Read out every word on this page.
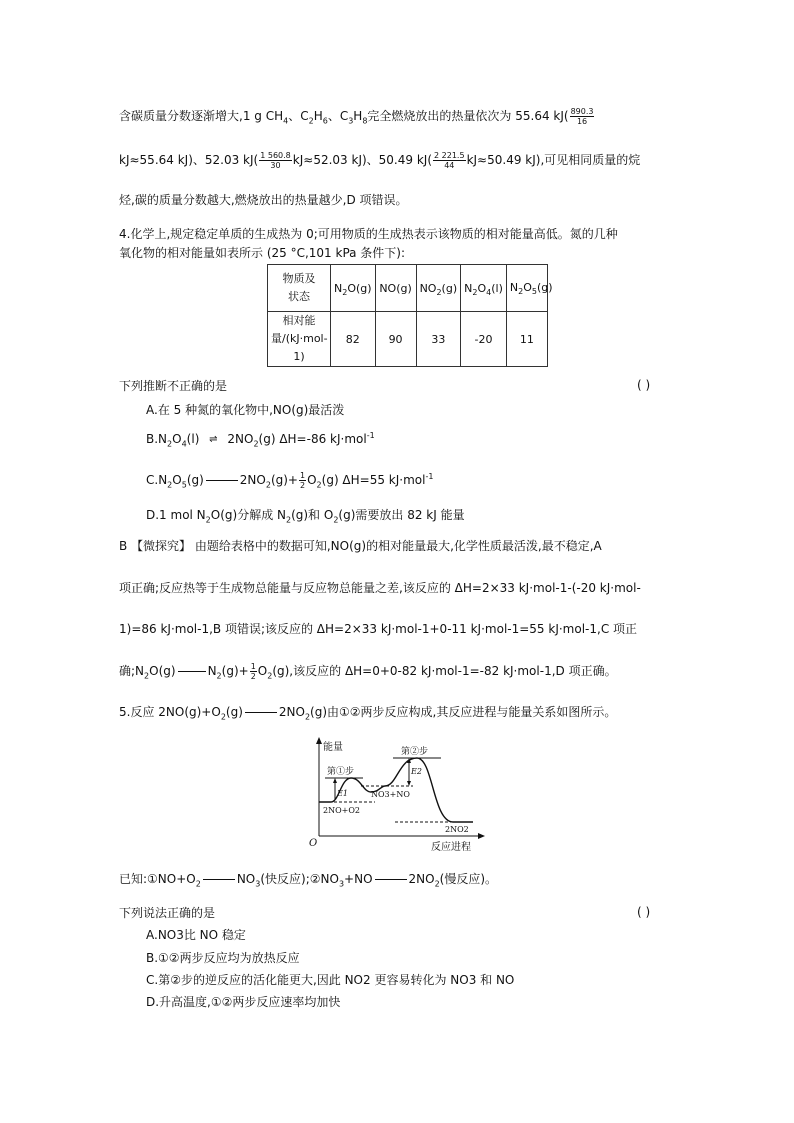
含碳质量分数逐渐增大,1 g $CH_4$、$C_2H_6$、$C_3H_8$完全燃烧放出的热量依次为 55.64 $kJ( \frac{890.3}{16}$
kJ≈55.64 kJ)、52.03 $kJ( \frac{1 560.8}{30} kJ\approx 52.03$ kJ)、50.49 $kJ( \frac{2 221.5}{44} kJ\approx 50.49$ kJ),可见相同质量的烷
烃,碳的质量分数越大,燃烧放出的热量越少,D 项错误。
4.化学上,规定稳定单质的生成热为 0;可用物质的生成热表示该物质的相对能量高低。氮的几种
氧化物的相对能量如表所示 (25 °C,101 kPa 条件下):
物质及状态	$N_2O(g)$	NO(g)	$NO_2(g)$	$N_2O_4(l)$	$N_2O_5(g)$
相对能量/(kJ·mol-1)	82	90	33	-20	11
下列推断不正确的是	( )
A.在 5 种氮的氧化物中,NO(g)最活泼
$B.N_2O_4(l)$ ⇌ $2NO_2(g)$ ΔH=-86 kJ·mol$^{-1}$
$C.N_2O_5(g)$	$2NO_2(g)+ \frac{1}{2} O_2(g)$ ΔH=55 kJ·mol$^{-1}$
D.1 mol $N_2O(g)$分解成 $N_2(g)$和 $O_2(g)$需要放出 82 kJ 能量
B 【微探究】 由题给表格中的数据可知,NO(g)的相对能量最大,化学性质最活泼,最不稳定,A
项正确;反应热等于生成物总能量与反应物总能量之差,该反应的 ΔH=2×33 kJ·mol-1-(-20 kJ·mol-
1)=86 kJ·mol-1,B 项错误;该反应的 ΔH=2×33 kJ·mol-1+0-11 kJ·mol-1=55 kJ·mol-1,C 项正
确$;N_2O(g)$	$N_2(g)+ \frac{1}{2} O_2(g)$,该反应的 ΔH=0+0-82 kJ·mol-1=-82 kJ·mol-1,D 项正确。
5.反应 $2NO(g)+O_2(g)$	$2NO_2(g)$由①②两步反应构成,其反应进程与能量关系如图所示。
能量
反应进程
O
第①步
第②步
E1
E2
NO3+NO
2NO+O2
2NO2
已知$:①NO+O_2$	$NO_3$(快反应)$;②NO_3+NO$	$2NO_2$(慢反应)。
下列说法正确的是	( )
A.NO3比 NO 稳定
B.①②两步反应均为放热反应
C.第②步的逆反应的活化能更大,因此 NO2 更容易转化为 NO3 和 NO
D.升高温度,①②两步反应速率均加快
